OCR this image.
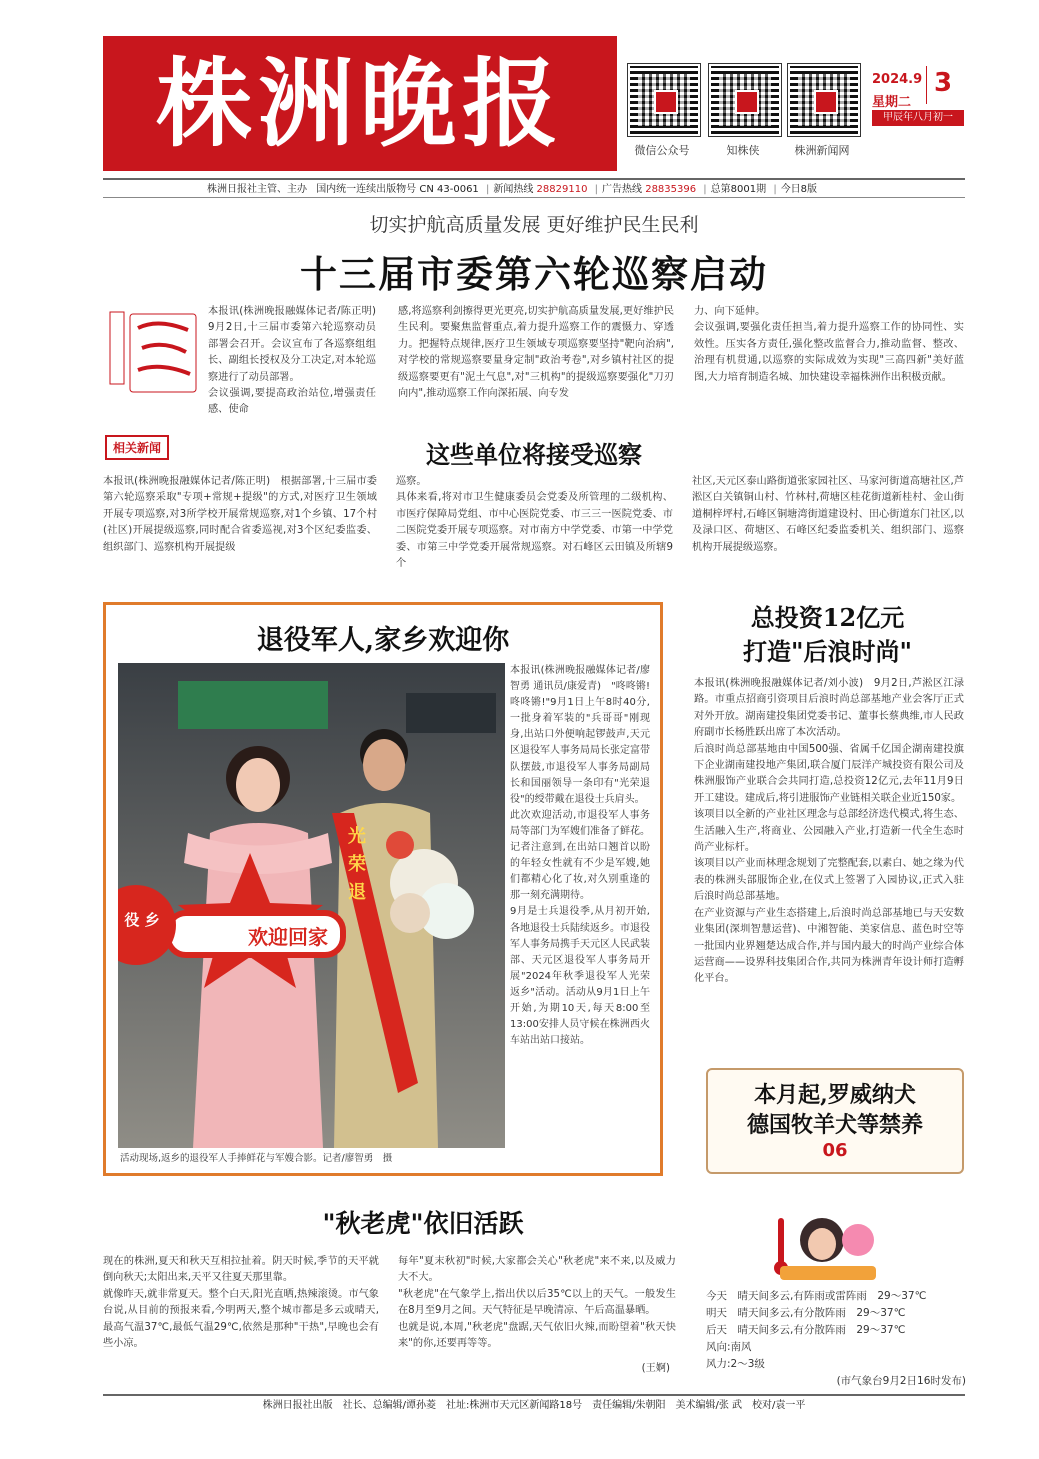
株洲晚报	微信公众号	知株侠	株洲新闻网
2024.9
星期二
3
甲辰年八月初一
株洲日报社主管、主办 国内统一连续出版物号 CN 43-0061 | 新闻热线 28829110 | 广告热线 28835396 | 总第8001期 | 今日8版
切实护航高质量发展 更好维护民生民利
十三届市委第六轮巡察启动
本报讯(株洲晚报融媒体记者/陈正明)　9月2日,十三届市委第六轮巡察动员部署会召开。会议宣布了各巡察组组长、副组长授权及分工决定,对本轮巡察进行了动员部署。
会议强调,要提高政治站位,增强责任感、使命
感,将巡察利剑擦得更光更亮,切实护航高质量发展,更好维护民生民利。要聚焦监督重点,着力提升巡察工作的震慑力、穿透力。把握特点规律,医疗卫生领域专项巡察要坚持"靶向治病",对学校的常规巡察要量身定制"政治考卷",对乡镇村社区的提级巡察要更有"泥土气息",对"三机构"的提级巡察要强化"刀刃向内",推动巡察工作向深拓展、向专发
力、向下延伸。
会议强调,要强化责任担当,着力提升巡察工作的协同性、实效性。压实各方责任,强化整改监督合力,推动监督、整改、治理有机贯通,以巡察的实际成效为实现"三高四新"美好蓝图,大力培育制造名城、加快建设幸福株洲作出积极贡献。
相关新闻	这些单位将接受巡察
本报讯(株洲晚报融媒体记者/陈正明)　根据部署,十三届市委第六轮巡察采取"专项+常规+提级"的方式,对医疗卫生领域开展专项巡察,对3所学校开展常规巡察,对1个乡镇、17个村(社区)开展提级巡察,同时配合省委巡视,对3个区纪委监委、组织部门、巡察机构开展提级
巡察。
具体来看,将对市卫生健康委员会党委及所管理的二级机构、市医疗保障局党组、市中心医院党委、市三三一医院党委、市二医院党委开展专项巡察。对市南方中学党委、市第一中学党委、市第三中学党委开展常规巡察。对石峰区云田镇及所辖9个
社区,天元区泰山路街道张家园社区、马家河街道高塘社区,芦淞区白关镇铜山村、竹林村,荷塘区桂花街道新桂村、金山街道桐梓坪村,石峰区铜塘湾街道建设村、田心街道东门社区,以及渌口区、荷塘区、石峰区纪委监委机关、组织部门、巡察机构开展提级巡察。
退役军人,家乡欢迎你
欢迎回家
役 乡
光荣退
本报讯(株洲晚报融媒体记者/廖智勇 通讯员/康爱青)　"咚咚锵!咚咚锵!"9月1日上午8时40分,一批身着军装的"兵哥哥"刚现身,出站口外便响起锣鼓声,天元区退役军人事务局局长张定富带队摆鼓,市退役军人事务局副局长和国丽领导一条印有"光荣退役"的绶带戴在退役士兵肩头。
此次欢迎活动,市退役军人事务局等部门为军嫂们准备了鲜花。记者注意到,在出站口翘首以盼的年轻女性就有不少是军嫂,她们都精心化了妆,对久别重逢的那一刻充满期待。
9月是士兵退役季,从月初开始,各地退役士兵陆续返乡。市退役军人事务局携手天元区人民武装部、天元区退役军人事务局开展"2024年秋季退役军人光荣返乡"活动。活动从9月1日上午开始,为期10天,每天8:00至13:00安排人员守候在株洲西火车站出站口接站。
活动现场,返乡的退役军人手捧鲜花与军嫂合影。记者/廖智勇　摄
总投资12亿元
打造"后浪时尚"
本报讯(株洲晚报融媒体记者/刘小波)　9月2日,芦淞区江渌路。市重点招商引资项目后浪时尚总部基地产业会客厅正式对外开放。湖南建投集团党委书记、董事长蔡典维,市人民政府副市长杨胜跃出席了本次活动。
后浪时尚总部基地由中国500强、省属千亿国企湖南建投旗下企业湖南建投地产集团,联合厦门辰洋产城投资有限公司及株洲服饰产业联合会共同打造,总投资12亿元,去年11月9日开工建设。建成后,将引进服饰产业链相关联企业近150家。
该项目以全新的产业社区理念与总部经济迭代模式,将生态、生活融入生产,将商业、公园融入产业,打造新一代全生态时尚产业标杆。
该项目以产业而林理念规划了完整配套,以素白、她之缘为代表的株洲头部服饰企业,在仪式上签署了入园协议,正式入驻后浪时尚总部基地。
在产业资源与产业生态搭建上,后浪时尚总部基地已与天安数业集团(深圳智慧运营)、中湘智能、美家信息、蓝色时空等一批国内业界翘楚达成合作,并与国内最大的时尚产业综合体运营商——设界科技集团合作,共同为株洲青年设计师打造孵化平台。
本月起,罗威纳犬
德国牧羊犬等禁养
06
"秋老虎"依旧活跃
现在的株洲,夏天和秋天互相拉扯着。阴天时候,季节的天平就倒向秋天;太阳出来,天平又往夏天那里靠。
就像昨天,就非常夏天。整个白天,阳光直晒,热辣滚烫。市气象台说,从目前的预报来看,今明两天,整个城市都是多云或晴天,最高气温37℃,最低气温29℃,依然是那种"干热",早晚也会有些小凉。
每年"夏末秋初"时候,大家都会关心"秋老虎"来不来,以及威力大不大。
"秋老虎"在气象学上,指出伏以后35℃以上的天气。一般发生在8月至9月之间。天气特征是早晚清凉、午后高温暴晒。
也就是说,本周,"秋老虎"盘踞,天气依旧火辣,而盼望着"秋天快来"的你,还要再等等。
(王婀)
今天　 晴天间多云,有阵雨或雷阵雨　 29～37℃
明天　 晴天间多云,有分散阵雨　 29～37℃
后天　 晴天间多云,有分散阵雨　 29～37℃
风向:南风
风力:2～3级
(市气象台9月2日16时发布)
株洲日报社出版　社长、总编辑/谭孙菱　社址:株洲市天元区新闻路18号　责任编辑/朱朝阳　美术编辑/张 武　校对/袁一平
